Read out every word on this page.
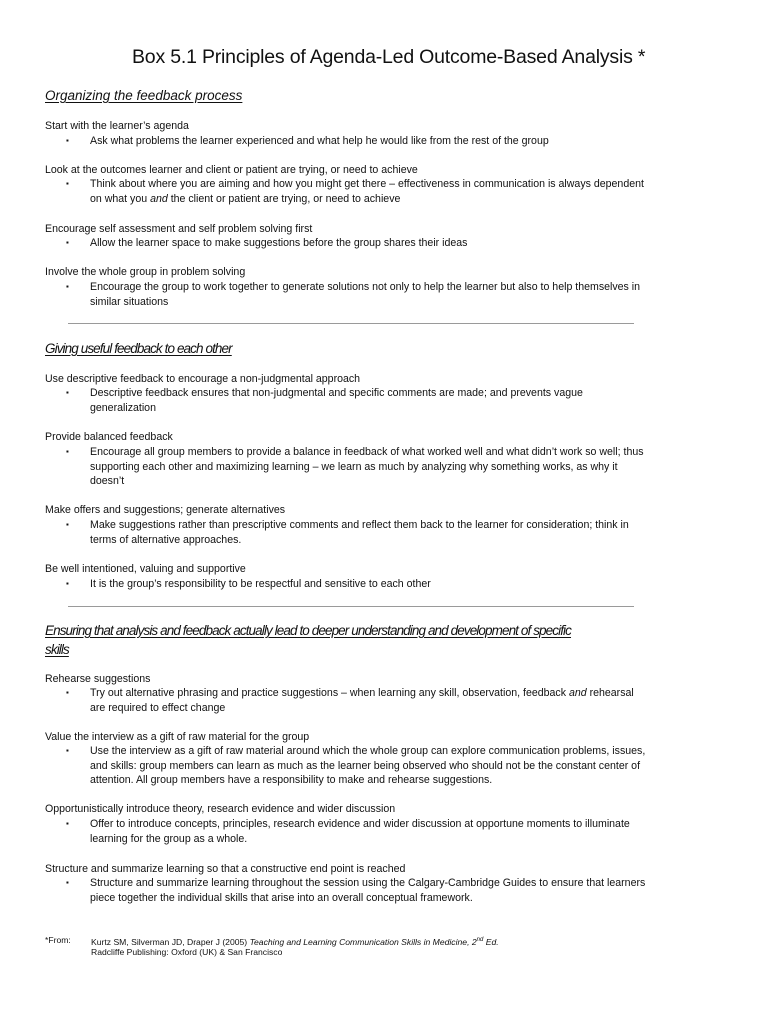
Box 5.1 Principles of Agenda-Led Outcome-Based Analysis *
Organizing the feedback process
Start with the learner’s agenda
▪	Ask what problems the learner experienced and what help he would like from the rest of the group
Look at the outcomes learner and client or patient are trying, or need to achieve
▪	Think about where you are aiming and how you might get there – effectiveness in communication is always dependent
on what you and the client or patient are trying, or need to achieve
Encourage self assessment and self problem solving first
▪	Allow the learner space to make suggestions before the group shares their ideas
Involve the whole group in problem solving
▪	Encourage the group to work together to generate solutions not only to help the learner but also to help themselves in
similar situations
Giving useful feedback to each other
Use descriptive feedback to encourage a non-judgmental approach
▪	Descriptive feedback ensures that non-judgmental and specific comments are made; and prevents vague
generalization
Provide balanced feedback
▪	Encourage all group members to provide a balance in feedback of what worked well and what didn’t work so well; thus
supporting each other and maximizing learning – we learn as much by analyzing why something works, as why it
doesn’t
Make offers and suggestions; generate alternatives
▪	Make suggestions rather than prescriptive comments and reflect them back to the learner for consideration; think in
terms of alternative approaches.
Be well intentioned, valuing and supportive
▪	It is the group’s responsibility to be respectful and sensitive to each other
Ensuring that analysis and feedback actually lead to deeper understanding and development of specific
skills
Rehearse suggestions
▪	Try out alternative phrasing and practice suggestions – when learning any skill, observation, feedback and rehearsal
are required to effect change
Value the interview as a gift of raw material for the group
▪	Use the interview as a gift of raw material around which the whole group can explore communication problems, issues,
and skills: group members can learn as much as the learner being observed who should not be the constant center of
attention. All group members have a responsibility to make and rehearse suggestions.
Opportunistically introduce theory, research evidence and wider discussion
▪	Offer to introduce concepts, principles, research evidence and wider discussion at opportune moments to illuminate
learning for the group as a whole.
Structure and summarize learning so that a constructive end point is reached
▪	Structure and summarize learning throughout the session using the Calgary-Cambridge Guides to ensure that learners
piece together the individual skills that arise into an overall conceptual framework.
*From: Kurtz SM, Silverman JD, Draper J (2005) Teaching and Learning Communication Skills in Medicine, 2nd Ed.
Radcliffe Publishing: Oxford (UK) & San Francisco
